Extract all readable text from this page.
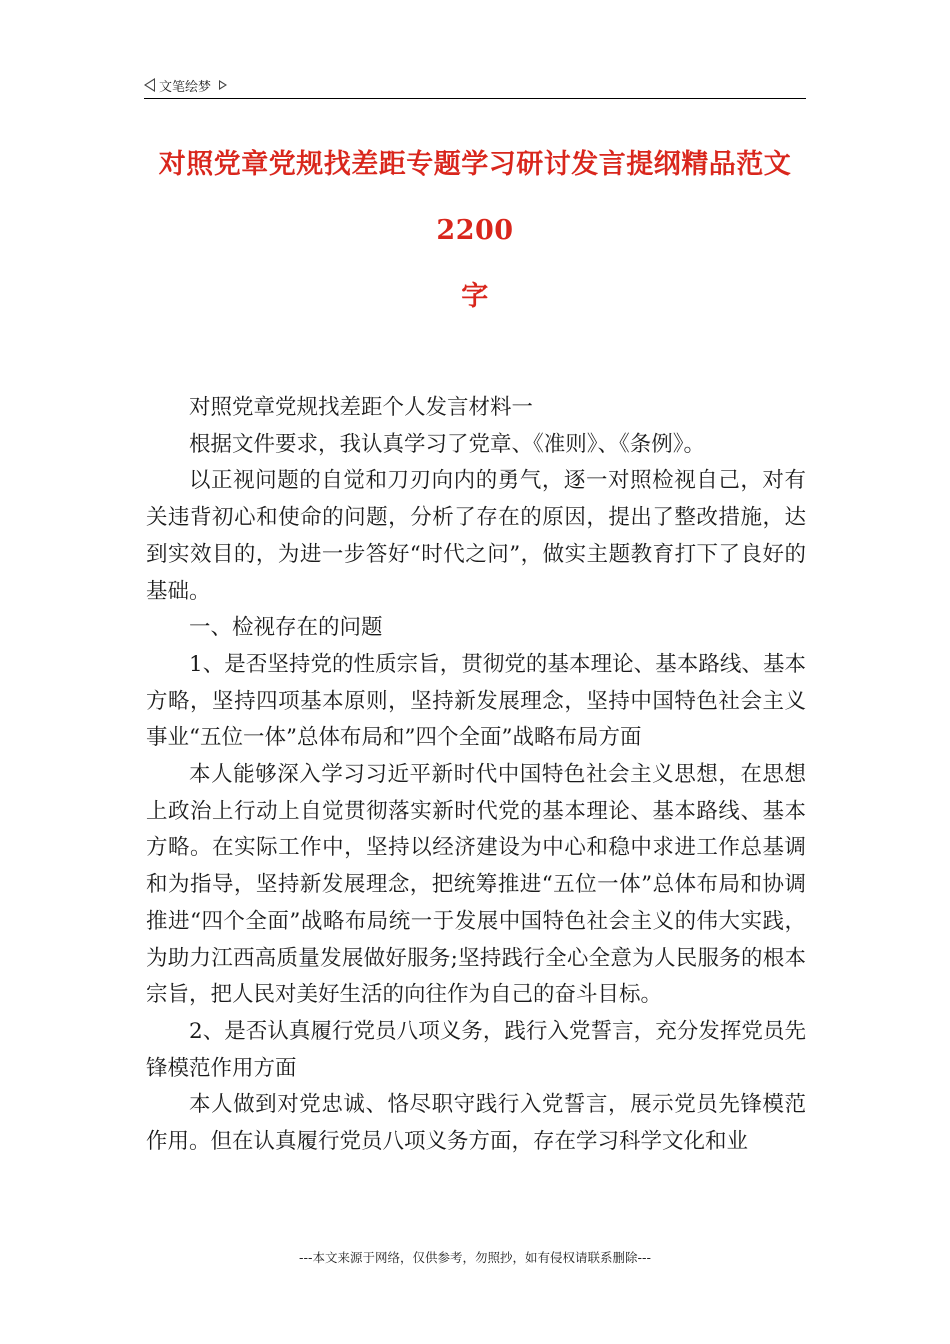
文笔绘梦
对照党章党规找差距专题学习研讨发言提纲精品范文 2200
字

对照党章党规找差距个人发言材料一

根据文件要求，我认真学习了党章、《准则》、《条例》。

以正视问题的自觉和刀刃向内的勇气，逐一对照检视自己，对有关违背初心和使命的问题，分析了存在的原因，提出了整改措施，达到实效目的，为进一步答好“时代之问”，做实主题教育打下了良好的基础。

一、检视存在的问题

1、是否坚持党的性质宗旨，贯彻党的基本理论、基本路线、基本方略，坚持四项基本原则，坚持新发展理念，坚持中国特色社会主义事业“五位一体”总体布局和”四个全面”战略布局方面

本人能够深入学习习近平新时代中国特色社会主义思想，在思想上政治上行动上自觉贯彻落实新时代党的基本理论、基本路线、基本方略。在实际工作中，坚持以经济建设为中心和稳中求进工作总基调和为指导，坚持新发展理念，把统筹推进“五位一体”总体布局和协调推进“四个全面”战略布局统一于发展中国特色社会主义的伟大实践，为助力江西高质量发展做好服务;坚持践行全心全意为人民服务的根本宗旨，把人民对美好生活的向往作为自己的奋斗目标。

2、是否认真履行党员八项义务，践行入党誓言，充分发挥党员先锋模范作用方面

本人做到对党忠诚、恪尽职守践行入党誓言，展示党员先锋模范作用。但在认真履行党员八项义务方面，存在学习科学文化和业

---本文来源于网络，仅供参考，勿照抄，如有侵权请联系删除---
